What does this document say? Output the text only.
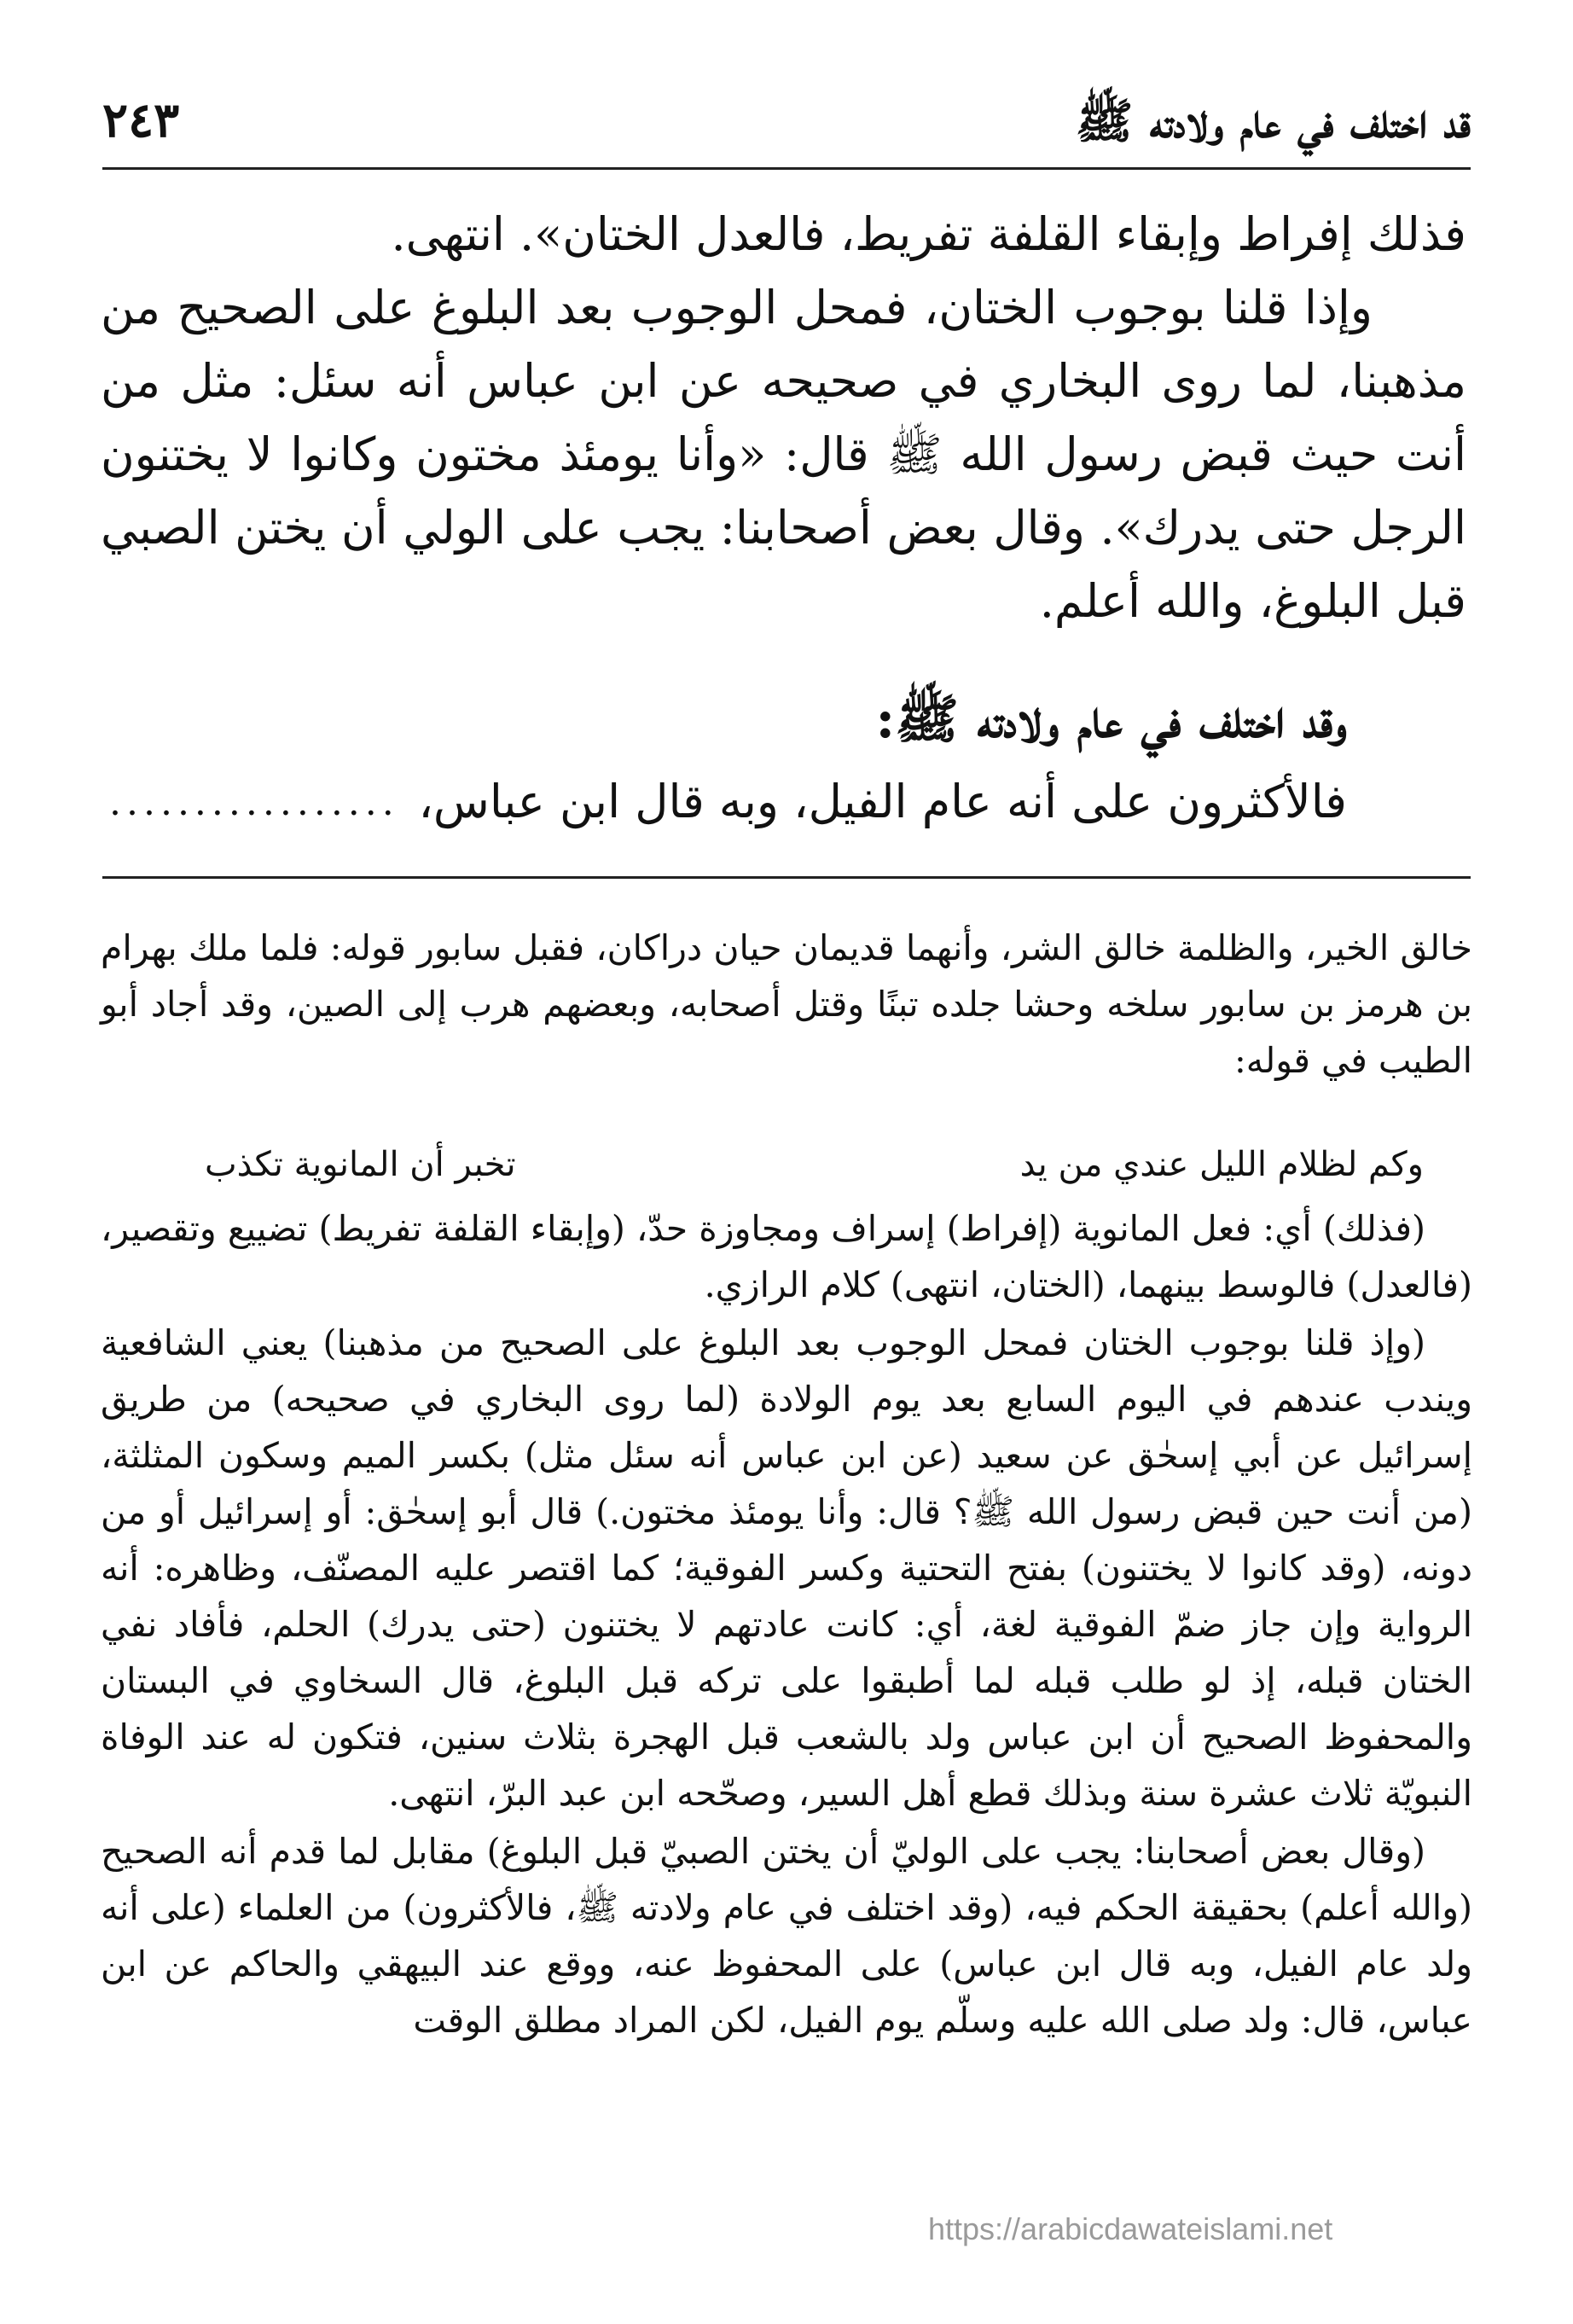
قد اختلف في عام ولادته ﷺ
٢٤٣

فذلك إفراط وإبقاء القلفة تفريط، فالعدل الختان». انتهى.

وإذا قلنا بوجوب الختان، فمحل الوجوب بعد البلوغ على الصحيح من مذهبنا، لما روى البخاري في صحيحه عن ابن عباس أنه سئل: مثل من أنت حيث قبض رسول الله ﷺ قال: «وأنا يومئذ مختون وكانوا لا يختنون الرجل حتى يدرك». وقال بعض أصحابنا: يجب على الولي أن يختن الصبي قبل البلوغ، والله أعلم.

وقد اختلف في عام ولادته ﷺ:
فالأكثرون على أنه عام الفيل، وبه قال ابن عباس،
.................

خالق الخير، والظلمة خالق الشر، وأنهما قديمان حيان دراكان، فقبل سابور قوله: فلما ملك بهرام بن هرمز بن سابور سلخه وحشا جلده تبنًا وقتل أصحابه، وبعضهم هرب إلى الصين، وقد أجاد أبو الطيب في قوله:

وكم لظلام الليل عندي من يد
تخبر أن المانوية تكذب

(فذلك) أي: فعل المانوية (إفراط) إسراف ومجاوزة حدّ، (وإبقاء القلفة تفريط) تضييع وتقصير، (فالعدل) فالوسط بينهما، (الختان، انتهى) كلام الرازي.

(وإذ قلنا بوجوب الختان فمحل الوجوب بعد البلوغ على الصحيح من مذهبنا) يعني الشافعية ويندب عندهم في اليوم السابع بعد يوم الولادة (لما روى البخاري في صحيحه) من طريق إسرائيل عن أبي إسحٰق عن سعيد (عن ابن عباس أنه سئل مثل) بكسر الميم وسكون المثلثة، (من أنت حين قبض رسول الله ﷺ؟ قال: وأنا يومئذ مختون.) قال أبو إسحٰق: أو إسرائيل أو من دونه، (وقد كانوا لا يختنون) بفتح التحتية وكسر الفوقية؛ كما اقتصر عليه المصنّف، وظاهره: أنه الرواية وإن جاز ضمّ الفوقية لغة، أي: كانت عادتهم لا يختنون (حتى يدرك) الحلم، فأفاد نفي الختان قبله، إذ لو طلب قبله لما أطبقوا على تركه قبل البلوغ، قال السخاوي في البستان والمحفوظ الصحيح أن ابن عباس ولد بالشعب قبل الهجرة بثلاث سنين، فتكون له عند الوفاة النبويّة ثلاث عشرة سنة وبذلك قطع أهل السير، وصحّحه ابن عبد البرّ، انتهى.

(وقال بعض أصحابنا: يجب على الوليّ أن يختن الصبيّ قبل البلوغ) مقابل لما قدم أنه الصحيح (والله أعلم) بحقيقة الحكم فيه، (وقد اختلف في عام ولادته ﷺ، فالأكثرون) من العلماء (على أنه ولد عام الفيل، وبه قال ابن عباس) على المحفوظ عنه، ووقع عند البيهقي والحاكم عن ابن عباس، قال: ولد صلى الله عليه وسلّم يوم الفيل، لكن المراد مطلق الوقت

https://arabicdawateislami.net
